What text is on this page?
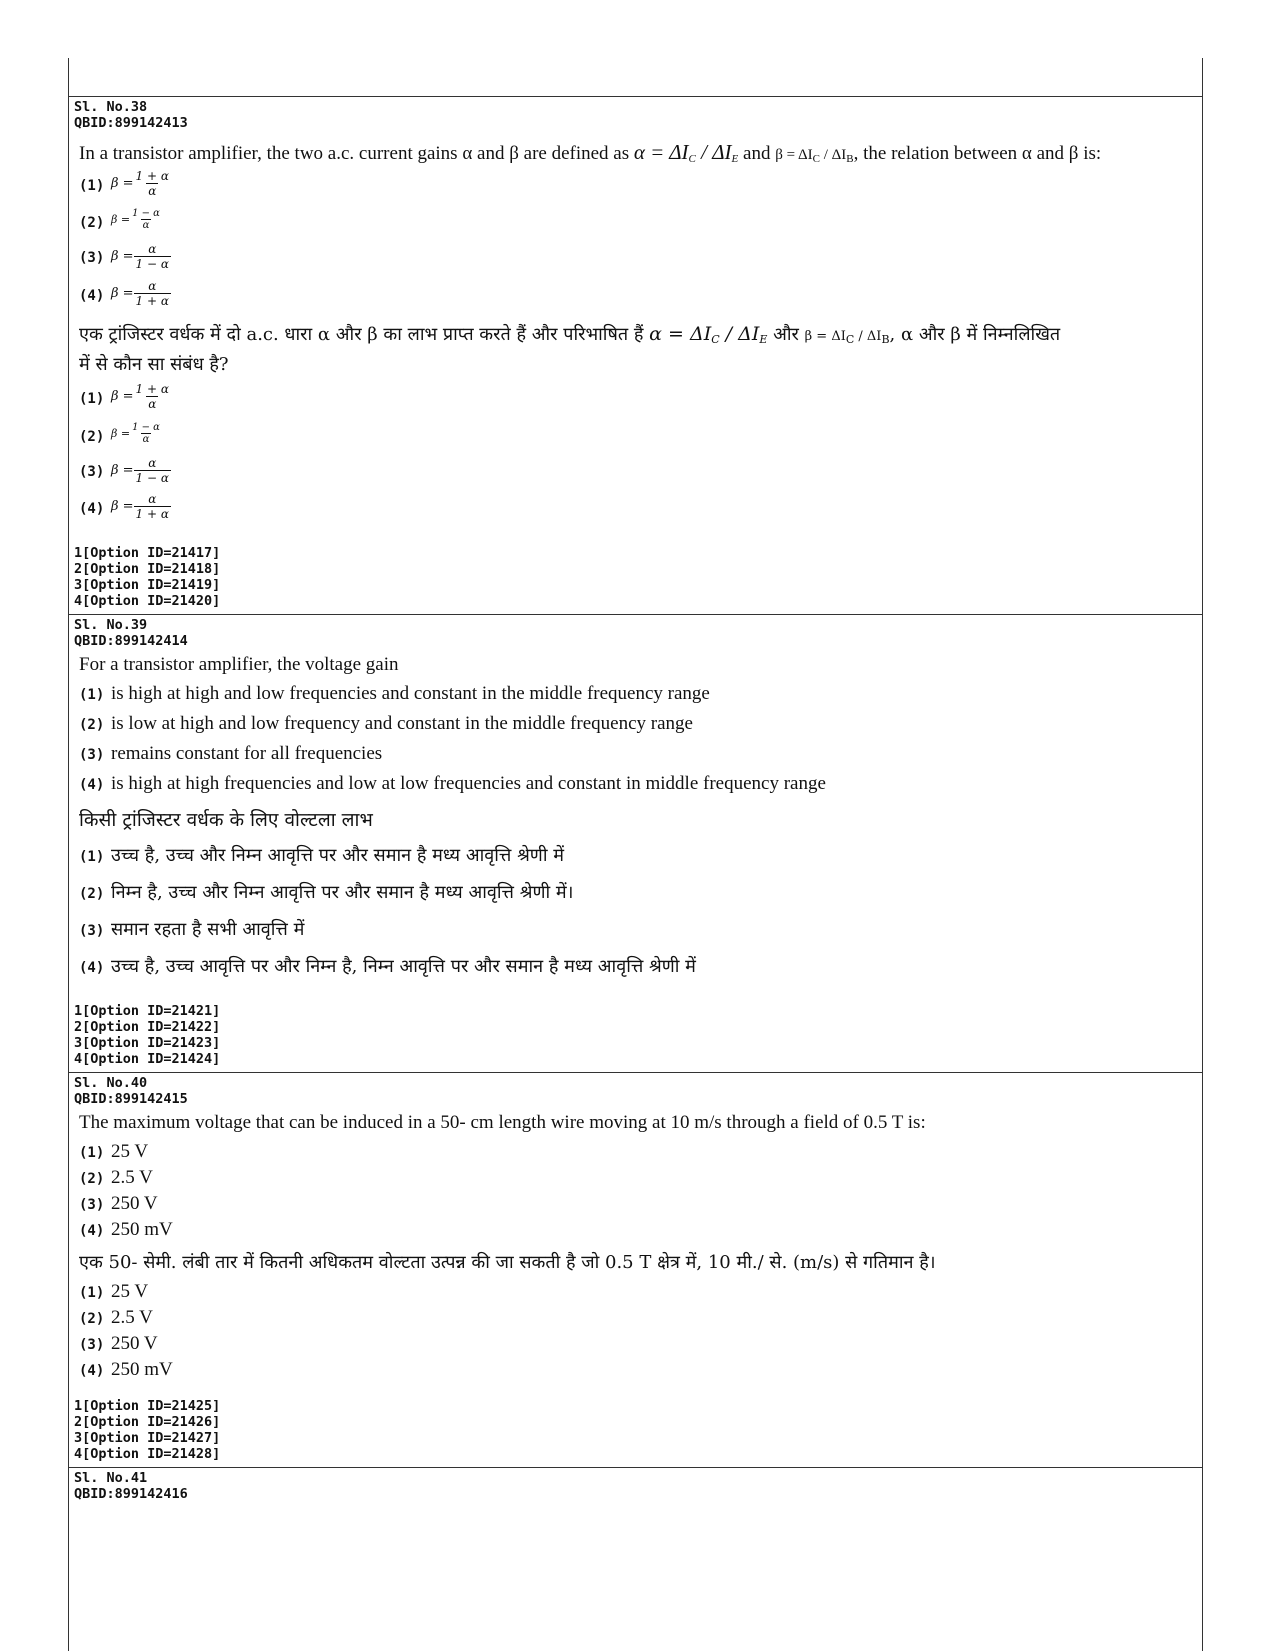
Sl. No.38
QBID:899142413
In a transistor amplifier, the two a.c. current gains α and β are defined as $\alpha = \Delta I_C / \Delta I_E$ and $\beta = \Delta I_C / \Delta I_B$, the relation between α and β is:
(1) $\beta = \frac{1 + \alpha}{\alpha}$
(2) $\beta = \frac{1 - \alpha}{\alpha}$
(3) $\beta = \frac{\alpha}{1 - \alpha}$
(4) $\beta = \frac{\alpha}{1 + \alpha}$
एक ट्रांजिस्टर वर्धक में दो a.c. धारा α और β का लाभ प्राप्त करते हैं और परिभाषित हैं $\alpha = \Delta I_C / \Delta I_E$ और $\beta = \Delta I_C / \Delta I_B$, α और β में निम्नलिखित
में से कौन सा संबंध है?
(1) $\beta = \frac{1 + \alpha}{\alpha}$
(2) $\beta = \frac{1 - \alpha}{\alpha}$
(3) $\beta = \frac{\alpha}{1 - \alpha}$
(4) $\beta = \frac{\alpha}{1 + \alpha}$
1[Option ID=21417]
2[Option ID=21418]
3[Option ID=21419]
4[Option ID=21420]
Sl. No.39
QBID:899142414
For a transistor amplifier, the voltage gain
(1) is high at high and low frequencies and constant in the middle frequency range
(2) is low at high and low frequency and constant in the middle frequency range
(3) remains constant for all frequencies
(4) is high at high frequencies and low at low frequencies and constant in middle frequency range
किसी ट्रांजिस्टर वर्धक के लिए वोल्टला लाभ
(1) उच्च है, उच्च और निम्न आवृत्ति पर और समान है मध्य आवृत्ति श्रेणी में
(2) निम्न है, उच्च और निम्न आवृत्ति पर और समान है मध्य आवृत्ति श्रेणी में।
(3) समान रहता है सभी आवृत्ति में
(4) उच्च है, उच्च आवृत्ति पर और निम्न है, निम्न आवृत्ति पर और समान है मध्य आवृत्ति श्रेणी में
1[Option ID=21421]
2[Option ID=21422]
3[Option ID=21423]
4[Option ID=21424]
Sl. No.40
QBID:899142415
The maximum voltage that can be induced in a 50- cm length wire moving at 10 m/s through a field of 0.5 T is:
(1) 25 V
(2) 2.5 V
(3) 250 V
(4) 250 mV
एक 50- सेमी. लंबी तार में कितनी अधिकतम वोल्टता उत्पन्न की जा सकती है जो 0.5 T क्षेत्र में, 10 मी./ से. (m/s) से गतिमान है।
(1) 25 V
(2) 2.5 V
(3) 250 V
(4) 250 mV
1[Option ID=21425]
2[Option ID=21426]
3[Option ID=21427]
4[Option ID=21428]
Sl. No.41
QBID:899142416
